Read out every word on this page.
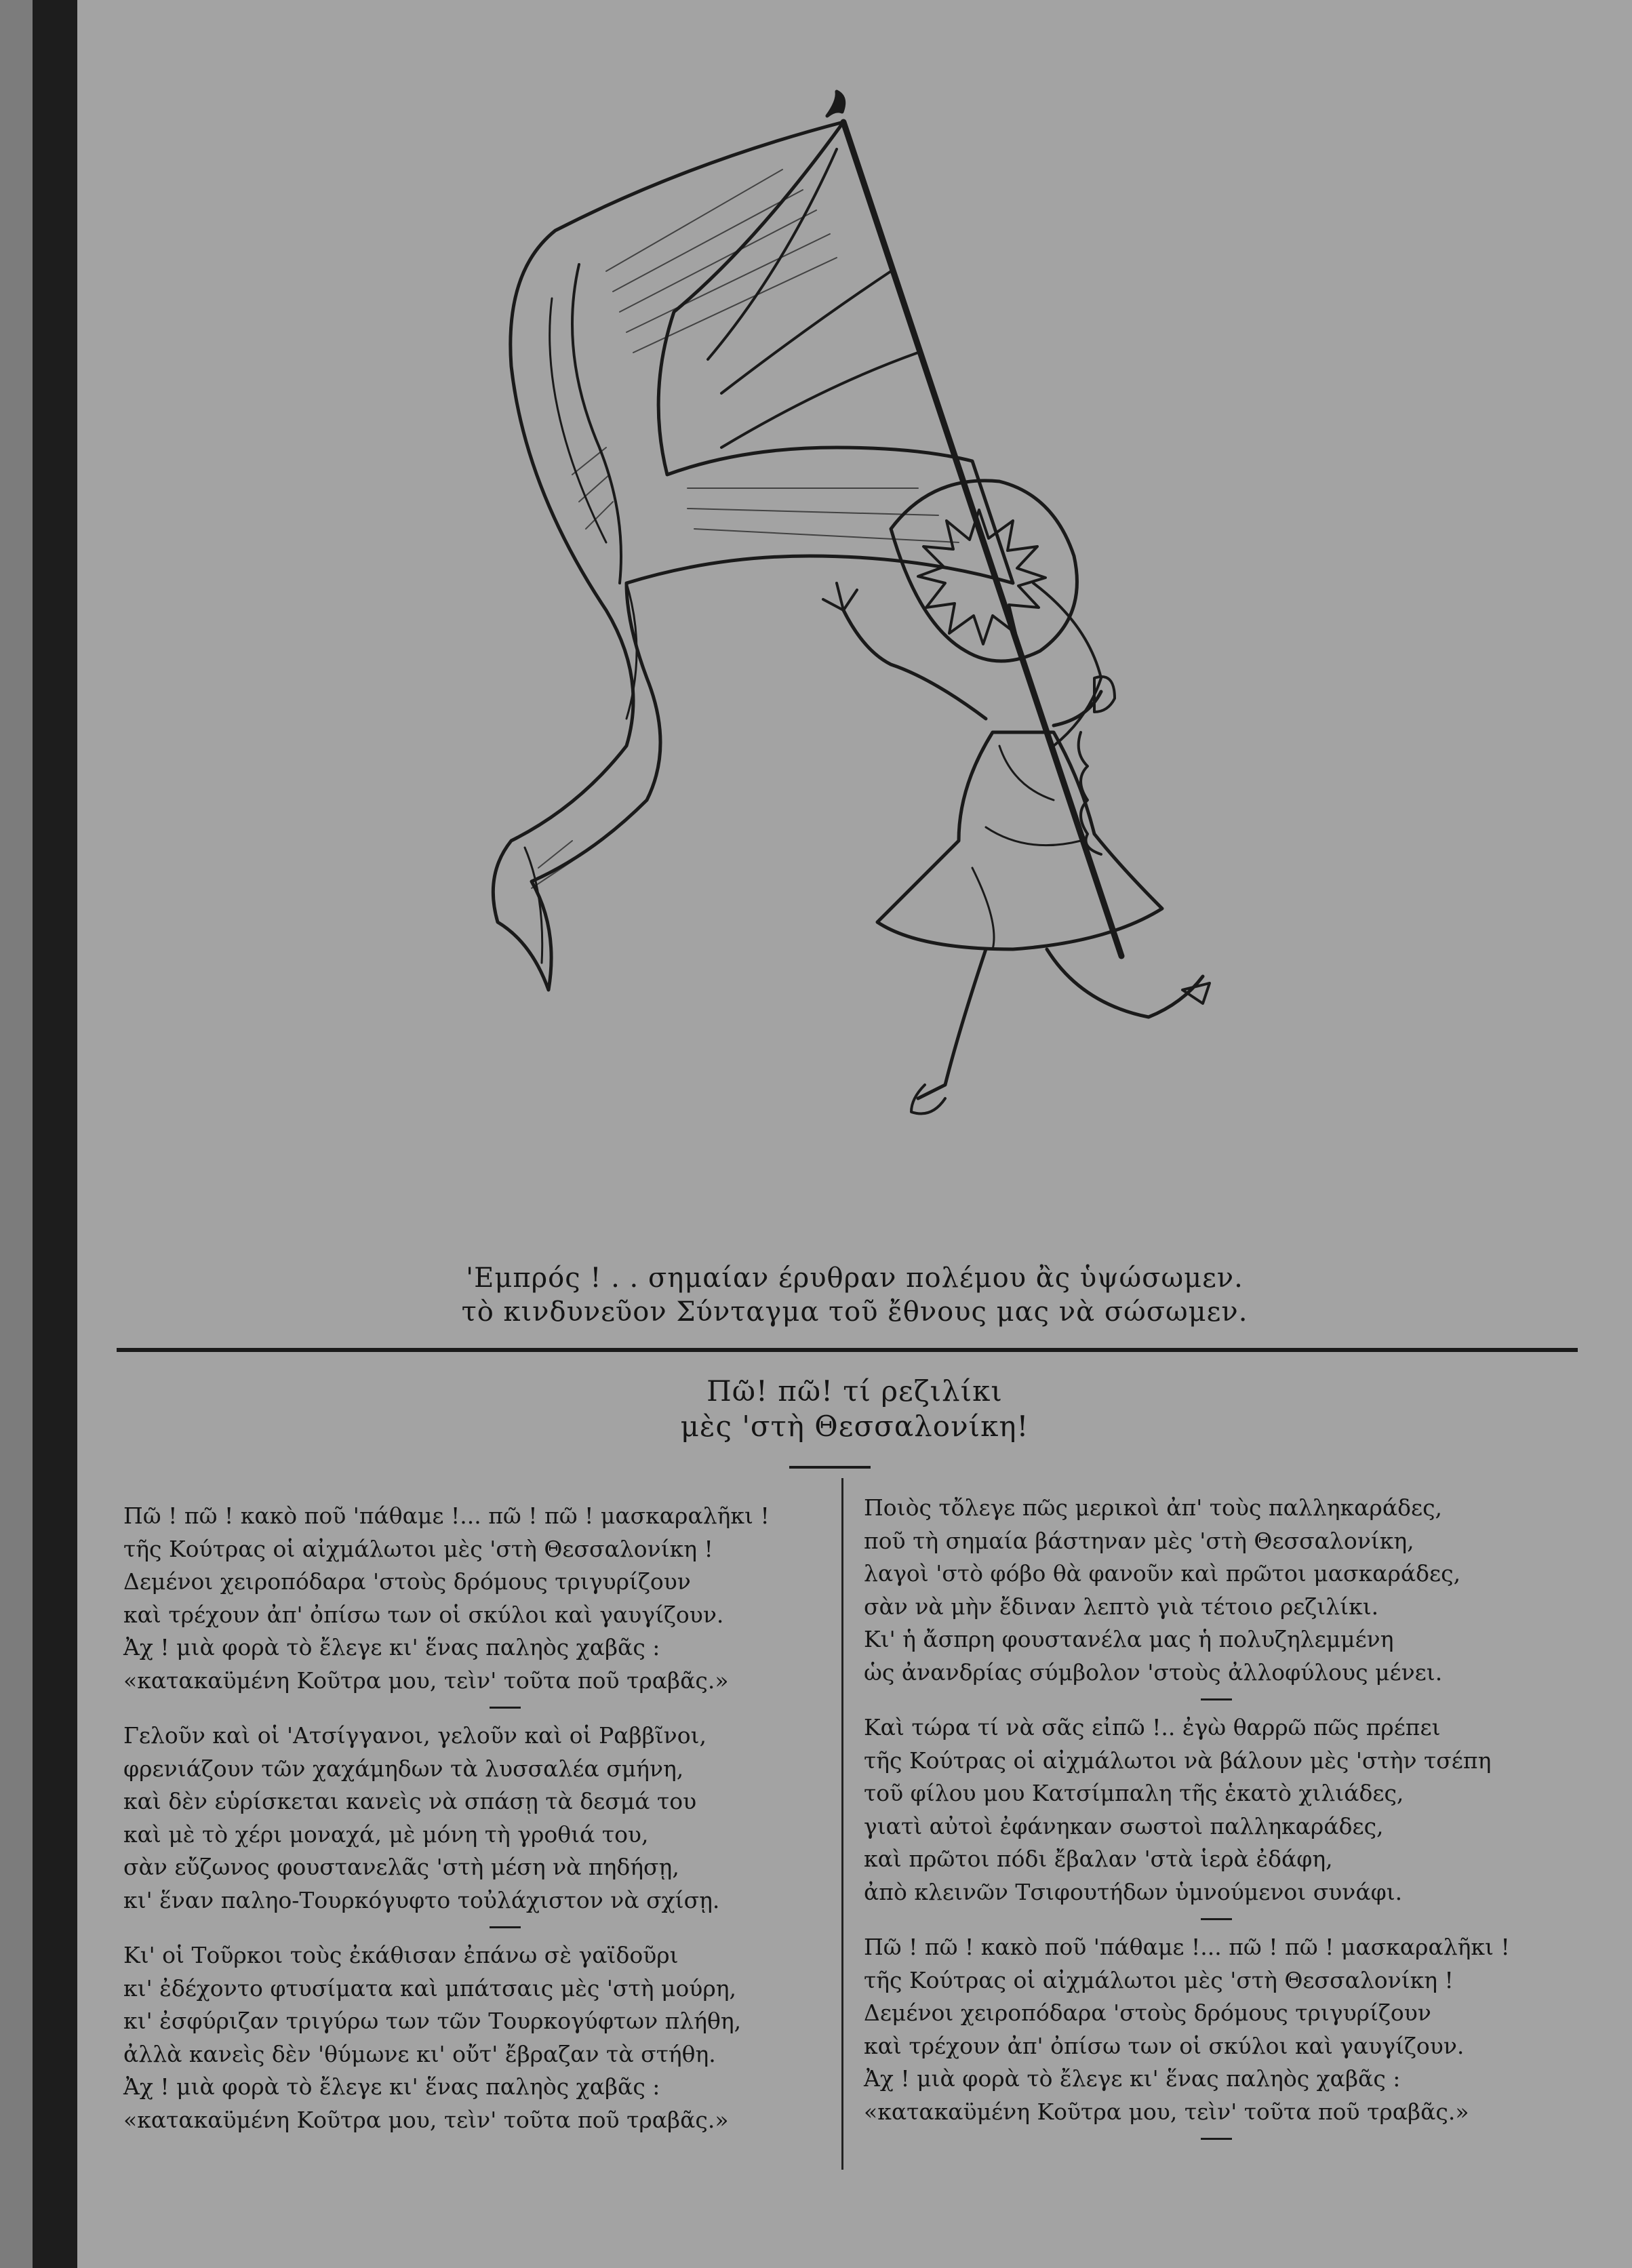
'Εμπρός ! . . σημαίαν έρυθραν πολέμου ἂς ὑψώσωμεν.
τὸ κινδυνεῦον Σύνταγμα τοῦ ἔθνους μας νὰ σώσωμεν.
Πῶ! πῶ! τί ρεζιλίκι
μὲς 'στὴ Θεσσαλονίκη!
Πῶ ! πῶ ! κακὸ ποῦ 'πάθαμε !... πῶ ! πῶ ! μασκαραλῆκι !
τῆς Κούτρας οἱ αἰχμάλωτοι μὲς 'στὴ Θεσσαλονίκη !
Δεμένοι χειροπόδαρα 'στοὺς δρόμους τριγυρίζουν
καὶ τρέχουν ἀπ' ὀπίσω των οἱ σκύλοι καὶ γαυγίζουν.
Ἀχ ! μιὰ φορὰ τὸ ἔλεγε κι' ἕνας παληὸς χαβᾶς :
«κατακαϋμένη Κοῦτρα μου, τεὶν' τοῦτα ποῦ τραβᾶς.»
Γελοῦν καὶ οἱ 'Ατσίγγανοι, γελοῦν καὶ οἱ Ραββῖνοι,
φρενιάζουν τῶν χαχάμηδων τὰ λυσσαλέα σμήνη,
καὶ δὲν εὑρίσκεται κανεὶς νὰ σπάσῃ τὰ δεσμά του
καὶ μὲ τὸ χέρι μοναχά, μὲ μόνη τὴ γροθιά του,
σὰν εὔζωνος φουστανελᾶς 'στὴ μέση νὰ πηδήσῃ,
κι' ἕναν παληο-Τουρκόγυφτο τοὐλάχιστον νὰ σχίσῃ.
Κι' οἱ Τοῦρκοι τοὺς ἐκάθισαν ἐπάνω σὲ γαϊδοῦρι
κι' ἐδέχοντο φτυσίματα καὶ μπάτσαις μὲς 'στὴ μούρη,
κι' ἐσφύριζαν τριγύρω των τῶν Τουρκογύφτων πλήθη,
ἀλλὰ κανεὶς δὲν 'θύμωνε κι' οὔτ' ἔβραζαν τὰ στήθη.
Ἀχ ! μιὰ φορὰ τὸ ἔλεγε κι' ἕνας παληὸς χαβᾶς :
«κατακαϋμένη Κοῦτρα μου, τεὶν' τοῦτα ποῦ τραβᾶς.»
Ποιὸς τὄλεγε πῶς μερικοὶ ἀπ' τοὺς παλληκαράδες,
ποῦ τὴ σημαία βάστηναν μὲς 'στὴ Θεσσαλονίκη,
λαγοὶ 'στὸ φόβο θὰ φανοῦν καὶ πρῶτοι μασκαράδες,
σὰν νὰ μὴν ἔδιναν λεπτὸ γιὰ τέτοιο ρεζιλίκι.
Κι' ἡ ἄσπρη φουστανέλα μας ἡ πολυζηλεμμένη
ὡς ἀνανδρίας σύμβολον 'στοὺς ἀλλοφύλους μένει.
Καὶ τώρα τί νὰ σᾶς εἰπῶ !.. ἐγὼ θαρρῶ πῶς πρέπει
τῆς Κούτρας οἱ αἰχμάλωτοι νὰ βάλουν μὲς 'στὴν τσέπη
τοῦ φίλου μου Κατσίμπαλη τῆς ἑκατὸ χιλιάδες,
γιατὶ αὐτοὶ ἐφάνηκαν σωστοὶ παλληκαράδες,
καὶ πρῶτοι πόδι ἔβαλαν 'στὰ ἱερὰ ἐδάφη,
ἀπὸ κλεινῶν Τσιφουτήδων ὑμνούμενοι συνάφι.
Πῶ ! πῶ ! κακὸ ποῦ 'πάθαμε !... πῶ ! πῶ ! μασκαραλῆκι !
τῆς Κούτρας οἱ αἰχμάλωτοι μὲς 'στὴ Θεσσαλονίκη !
Δεμένοι χειροπόδαρα 'στοὺς δρόμους τριγυρίζουν
καὶ τρέχουν ἀπ' ὀπίσω των οἱ σκύλοι καὶ γαυγίζουν.
Ἀχ ! μιὰ φορὰ τὸ ἔλεγε κι' ἕνας παληὸς χαβᾶς :
«κατακαϋμένη Κοῦτρα μου, τεὶν' τοῦτα ποῦ τραβᾶς.»
